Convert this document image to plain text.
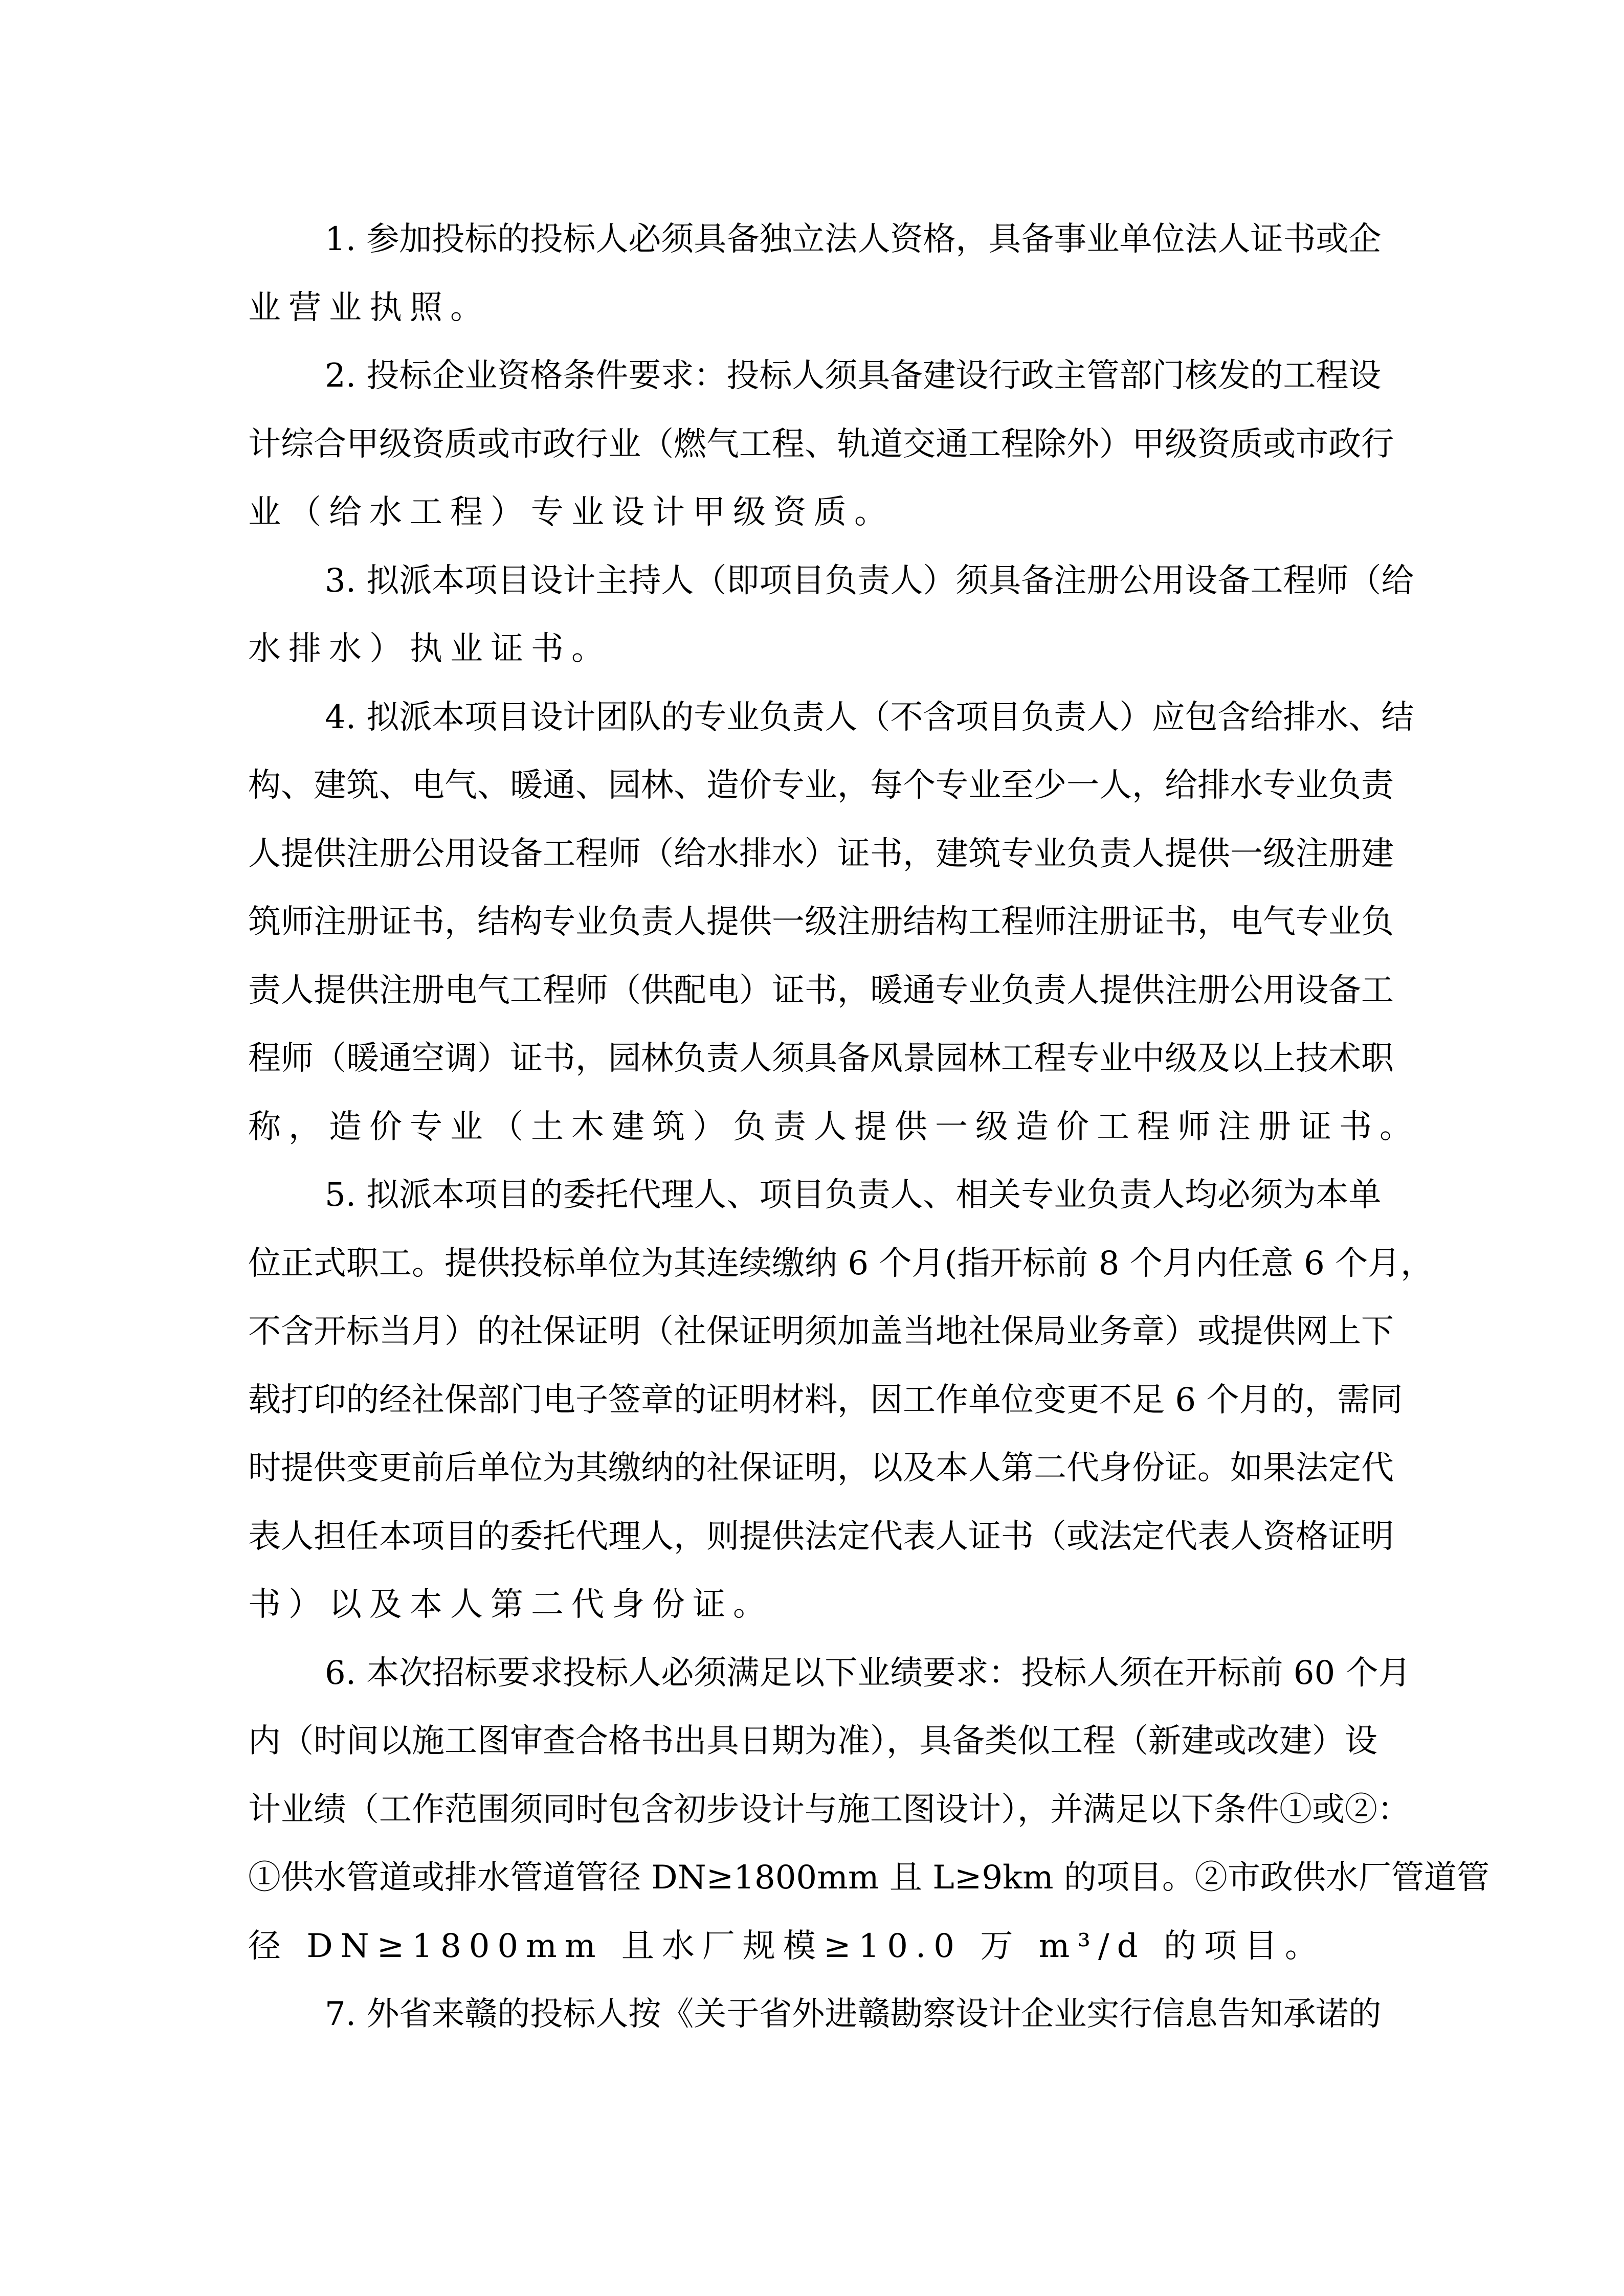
1. 参加投标的投标人必须具备独立法人资格，具备事业单位法人证书或企
业营业执照。
2. 投标企业资格条件要求：投标人须具备建设行政主管部门核发的工程设
计综合甲级资质或市政行业（燃气工程、轨道交通工程除外）甲级资质或市政行
业（给水工程）专业设计甲级资质。
3. 拟派本项目设计主持人（即项目负责人）须具备注册公用设备工程师（给
水排水）执业证书。
4. 拟派本项目设计团队的专业负责人（不含项目负责人）应包含给排水、结
构、建筑、电气、暖通、园林、造价专业，每个专业至少一人，给排水专业负责
人提供注册公用设备工程师（给水排水）证书，建筑专业负责人提供一级注册建
筑师注册证书，结构专业负责人提供一级注册结构工程师注册证书，电气专业负
责人提供注册电气工程师（供配电）证书，暖通专业负责人提供注册公用设备工
程师（暖通空调）证书，园林负责人须具备风景园林工程专业中级及以上技术职
称，造价专业（土木建筑）负责人提供一级造价工程师注册证书。
5. 拟派本项目的委托代理人、项目负责人、相关专业负责人均必须为本单
位正式职工。提供投标单位为其连续缴纳 6 个月(指开标前 8 个月内任意 6 个月，
不含开标当月）的社保证明（社保证明须加盖当地社保局业务章）或提供网上下
载打印的经社保部门电子签章的证明材料，因工作单位变更不足 6 个月的，需同
时提供变更前后单位为其缴纳的社保证明，以及本人第二代身份证。如果法定代
表人担任本项目的委托代理人，则提供法定代表人证书（或法定代表人资格证明
书）以及本人第二代身份证。
6. 本次招标要求投标人必须满足以下业绩要求：投标人须在开标前 60 个月
内（时间以施工图审查合格书出具日期为准），具备类似工程（新建或改建）设
计业绩（工作范围须同时包含初步设计与施工图设计），并满足以下条件①或②：
①供水管道或排水管道管径 DN≥1800mm 且 L≥9km 的项目。②市政供水厂管道管
径 DN≥1800mm 且水厂规模≥10.0 万 m³/d 的项目。
7. 外省来赣的投标人按《关于省外进赣勘察设计企业实行信息告知承诺的
